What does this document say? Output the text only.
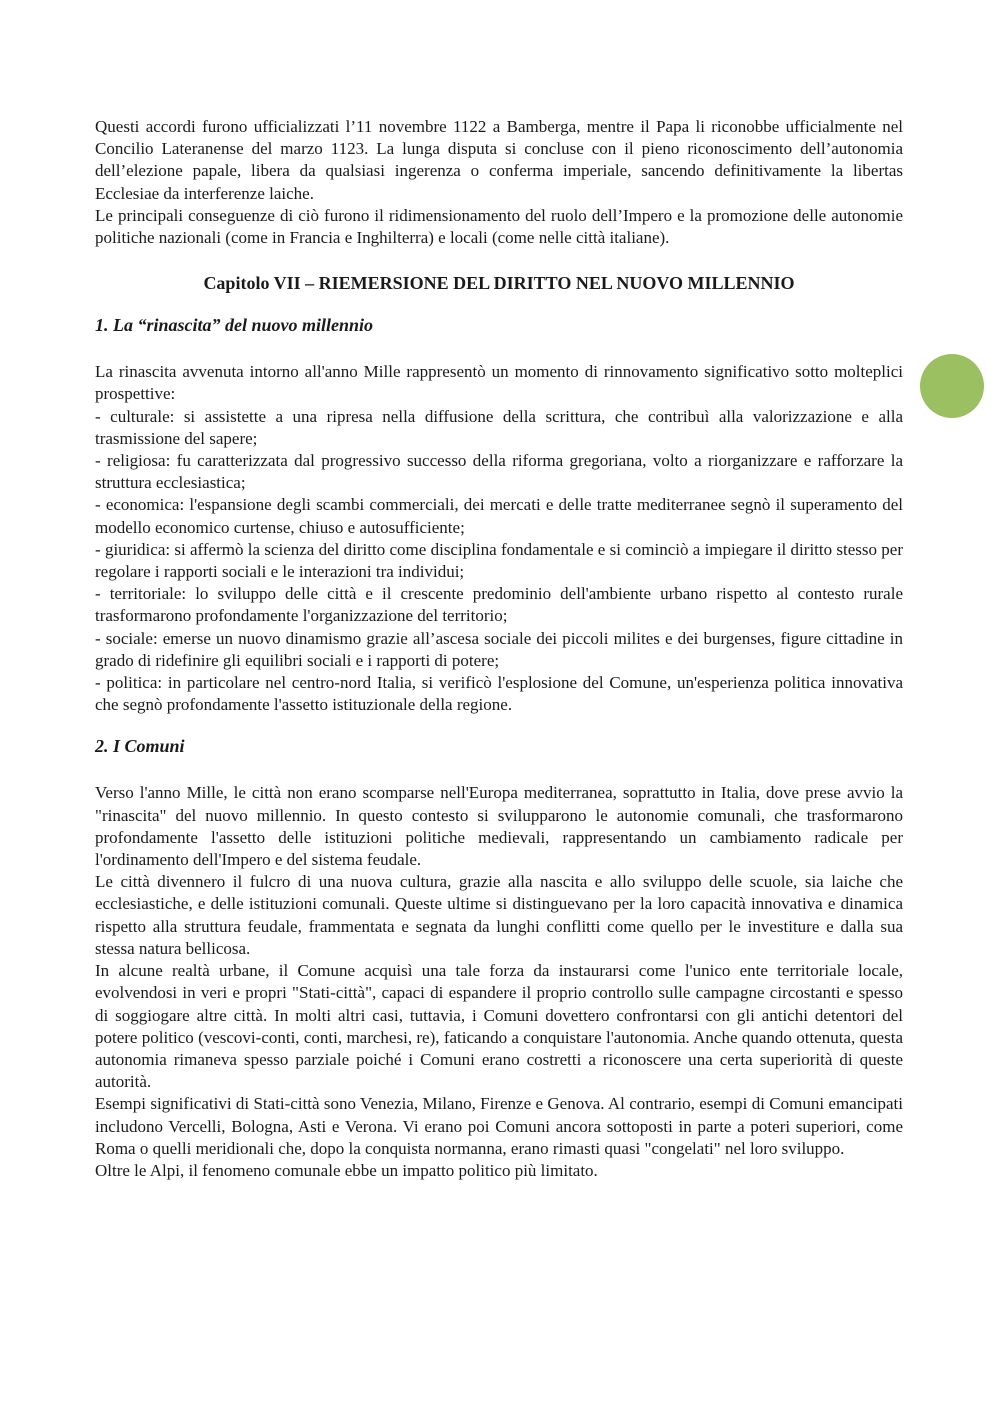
Questi accordi furono ufficializzati l’11 novembre 1122 a Bamberga, mentre il Papa li riconobbe ufficialmente nel Concilio Lateranense del marzo 1123. La lunga disputa si concluse con il pieno riconoscimento dell’autonomia dell’elezione papale, libera da qualsiasi ingerenza o conferma imperiale, sancendo definitivamente la libertas Ecclesiae da interferenze laiche.

Le principali conseguenze di ciò furono il ridimensionamento del ruolo dell’Impero e la promozione delle autonomie politiche nazionali (come in Francia e Inghilterra) e locali (come nelle città italiane).

Capitolo VII – RIEMERSIONE DEL DIRITTO NEL NUOVO MILLENNIO
1. La “rinascita” del nuovo millennio

La rinascita avvenuta intorno all'anno Mille rappresentò un momento di rinnovamento significativo sotto molteplici prospettive:

- culturale: si assistette a una ripresa nella diffusione della scrittura, che contribuì alla valorizzazione e alla trasmissione del sapere;

- religiosa: fu caratterizzata dal progressivo successo della riforma gregoriana, volto a riorganizzare e rafforzare la struttura ecclesiastica;

- economica: l'espansione degli scambi commerciali, dei mercati e delle tratte mediterranee segnò il superamento del modello economico curtense, chiuso e autosufficiente;

- giuridica: si affermò la scienza del diritto come disciplina fondamentale e si cominciò a impiegare il diritto stesso per regolare i rapporti sociali e le interazioni tra individui;

- territoriale: lo sviluppo delle città e il crescente predominio dell'ambiente urbano rispetto al contesto rurale trasformarono profondamente l'organizzazione del territorio;

- sociale: emerse un nuovo dinamismo grazie all’ascesa sociale dei piccoli milites e dei burgenses, figure cittadine in grado di ridefinire gli equilibri sociali e i rapporti di potere;

- politica: in particolare nel centro-nord Italia, si verificò l'esplosione del Comune, un'esperienza politica innovativa che segnò profondamente l'assetto istituzionale della regione.

2. I Comuni

Verso l'anno Mille, le città non erano scomparse nell'Europa mediterranea, soprattutto in Italia, dove prese avvio la "rinascita" del nuovo millennio. In questo contesto si svilupparono le autonomie comunali, che trasformarono profondamente l'assetto delle istituzioni politiche medievali, rappresentando un cambiamento radicale per l'ordinamento dell'Impero e del sistema feudale.

Le città divennero il fulcro di una nuova cultura, grazie alla nascita e allo sviluppo delle scuole, sia laiche che ecclesiastiche, e delle istituzioni comunali. Queste ultime si distinguevano per la loro capacità innovativa e dinamica rispetto alla struttura feudale, frammentata e segnata da lunghi conflitti come quello per le investiture e dalla sua stessa natura bellicosa.

In alcune realtà urbane, il Comune acquisì una tale forza da instaurarsi come l'unico ente territoriale locale, evolvendosi in veri e propri "Stati-città", capaci di espandere il proprio controllo sulle campagne circostanti e spesso di soggiogare altre città. In molti altri casi, tuttavia, i Comuni dovettero confrontarsi con gli antichi detentori del potere politico (vescovi-conti, conti, marchesi, re), faticando a conquistare l'autonomia. Anche quando ottenuta, questa autonomia rimaneva spesso parziale poiché i Comuni erano costretti a riconoscere una certa superiorità di queste autorità.

Esempi significativi di Stati-città sono Venezia, Milano, Firenze e Genova. Al contrario, esempi di Comuni emancipati includono Vercelli, Bologna, Asti e Verona. Vi erano poi Comuni ancora sottoposti in parte a poteri superiori, come Roma o quelli meridionali che, dopo la conquista normanna, erano rimasti quasi "congelati" nel loro sviluppo.

Oltre le Alpi, il fenomeno comunale ebbe un impatto politico più limitato.
